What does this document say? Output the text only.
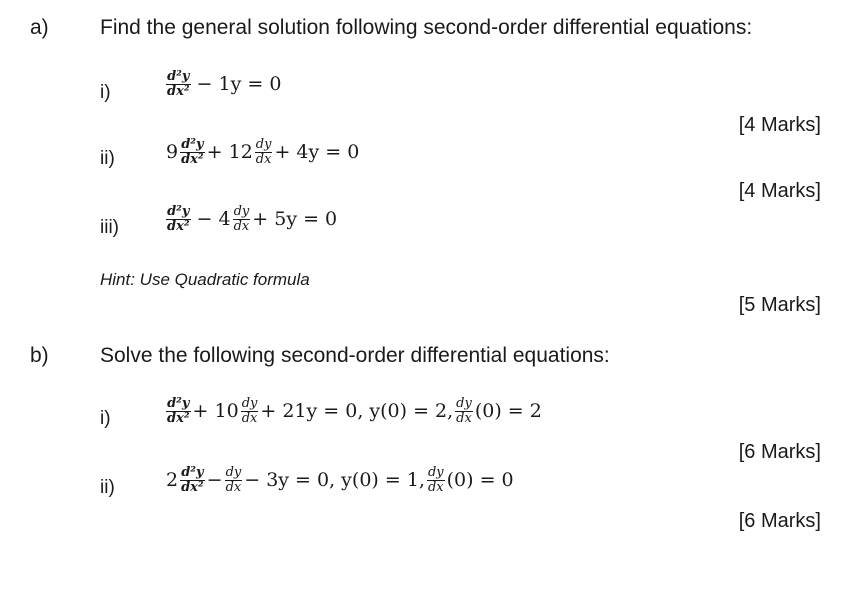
a) Find the general solution following second-order differential equations:
i)	$\frac{\text{d²y}}{\text{dx²}} - 1y = 0$
[4 Marks]
ii)	$9 \frac{\text{d²y}}{\text{dx²}} + 12 \frac{dy}{dx} + 4y = 0$
[4 Marks]
iii)	$\frac{\text{d²y}}{\text{dx²}} - 4 \frac{dy}{dx} + 5y = 0$
Hint: Use Quadratic formula
[5 Marks]
b) Solve the following second-order differential equations:
i)	$\frac{\text{d²y}}{\text{dx²}} + 10 \frac{dy}{dx} + 21y = 0$, y(0) = 2, $\frac{dy}{dx} (0) = 2$
[6 Marks]
ii)	$2 \frac{\text{d²y}}{\text{dx²}} - \frac{dy}{dx} - 3y = 0$, y(0) = 1, $\frac{dy}{dx} (0) = 0$
[6 Marks]
